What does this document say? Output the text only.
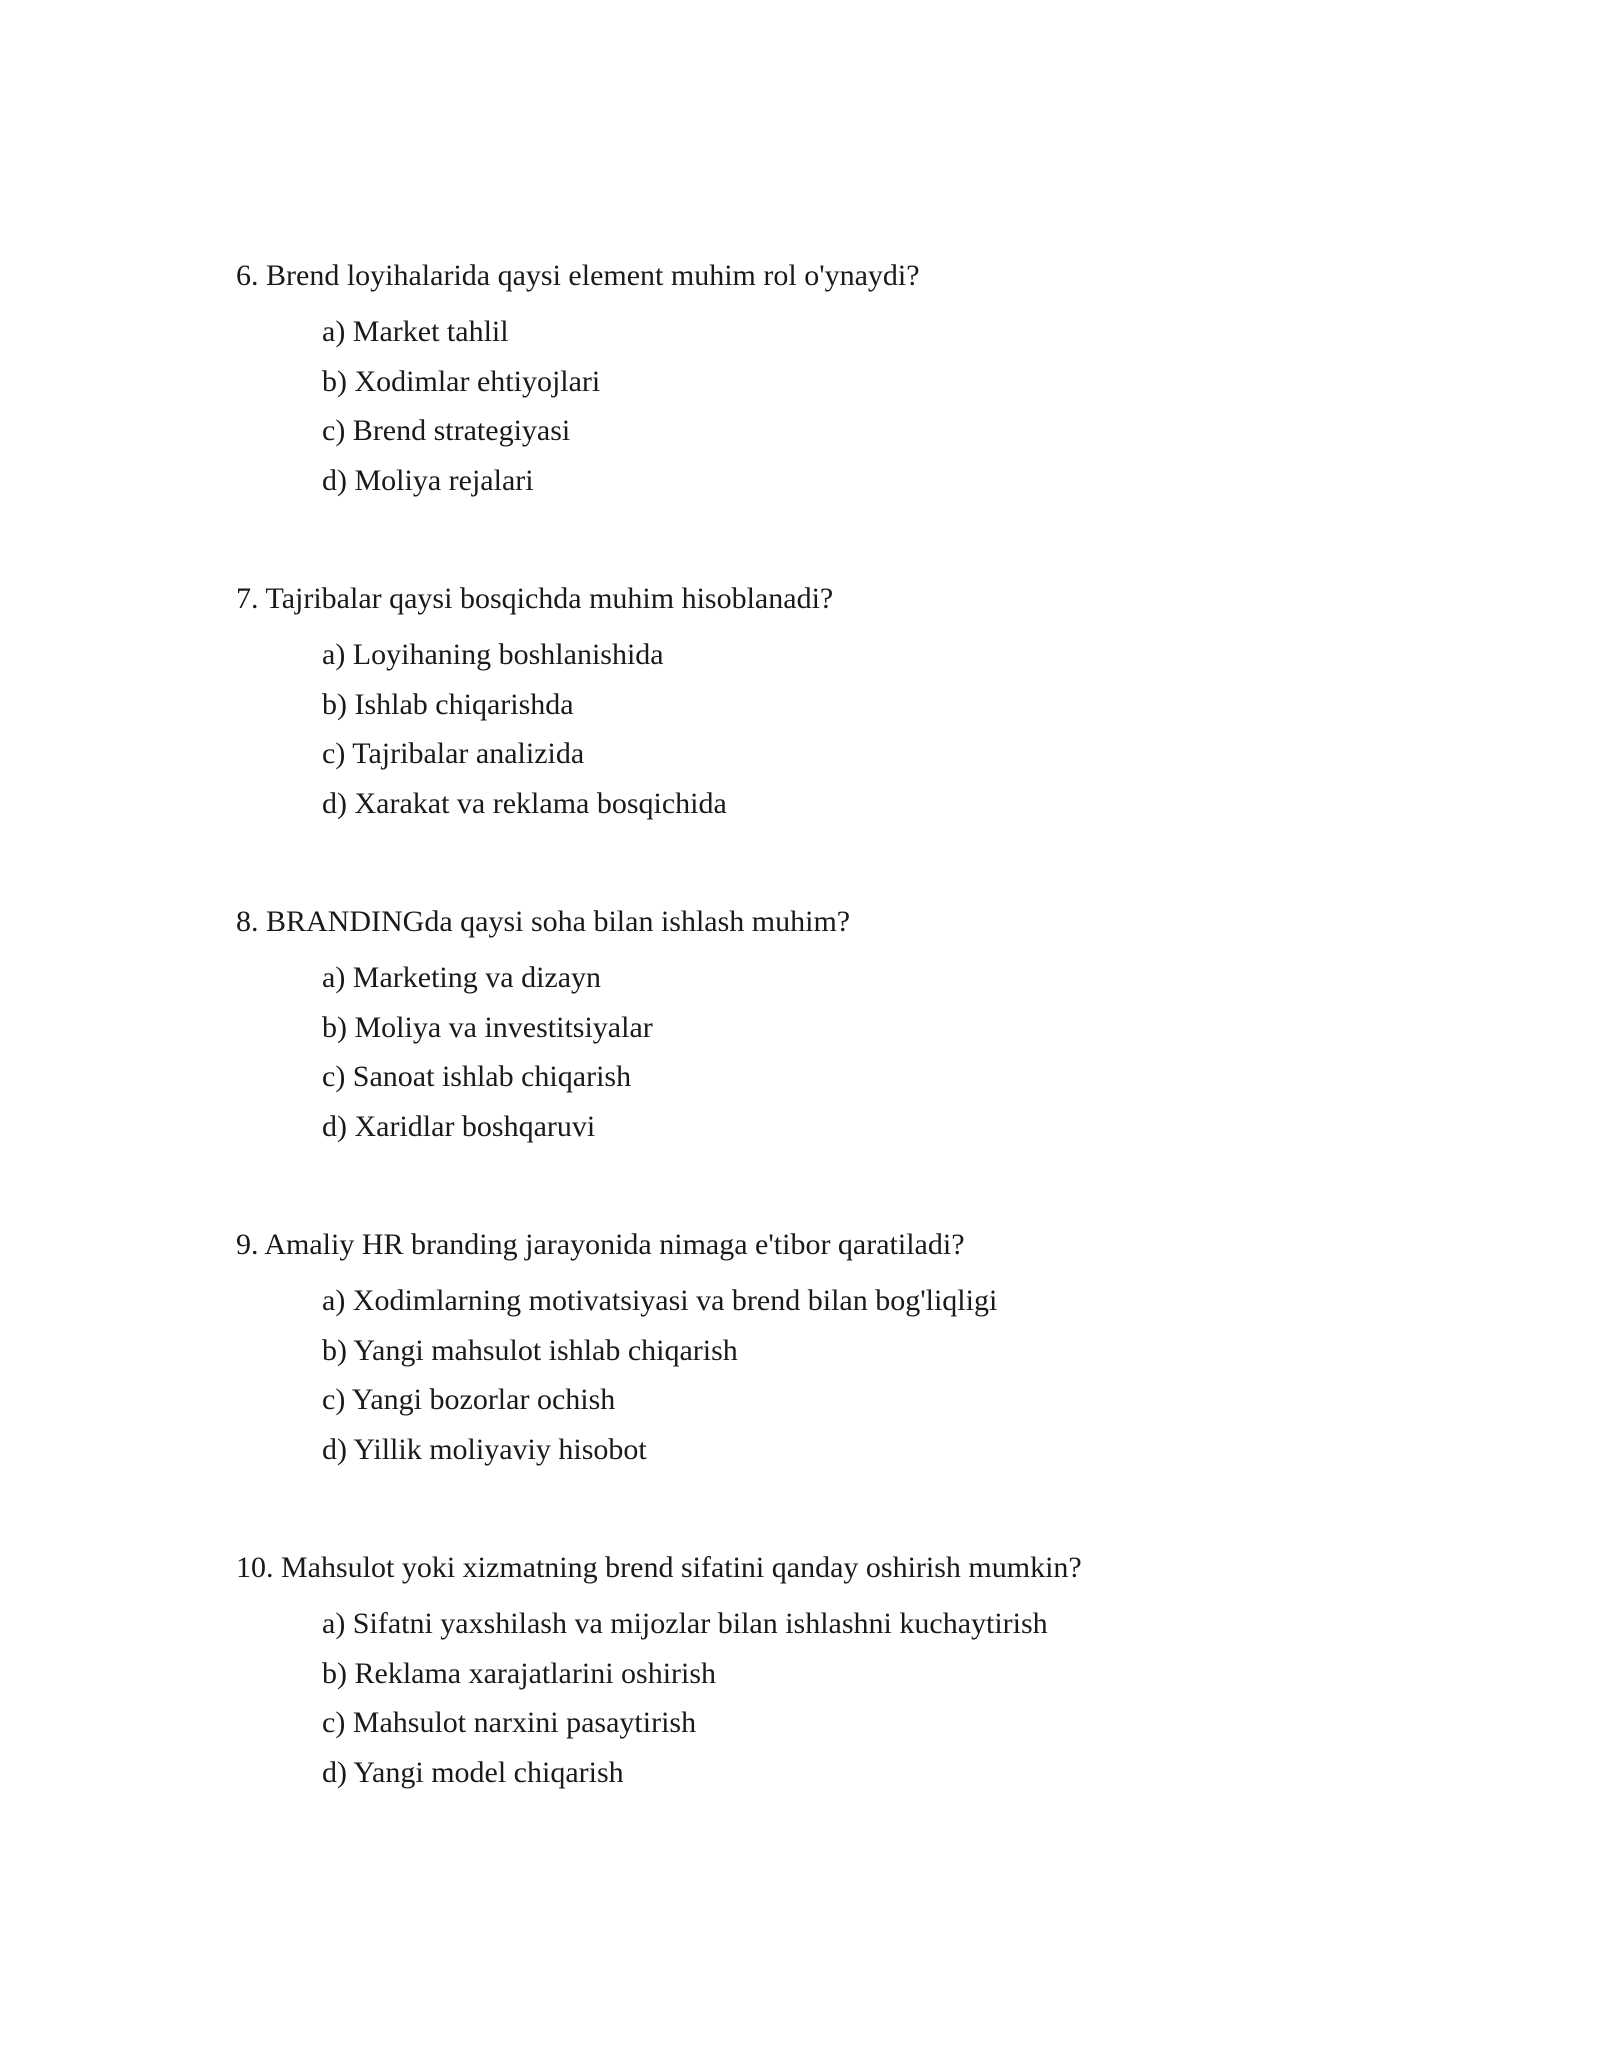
6. Brend loyihalarida qaysi element muhim rol o'ynaydi?

a) Market tahlil
b) Xodimlar ehtiyojlari
c) Brend strategiyasi
d) Moliya rejalari

7. Tajribalar qaysi bosqichda muhim hisoblanadi?

a) Loyihaning boshlanishida
b) Ishlab chiqarishda
c) Tajribalar analizida
d) Xarakat va reklama bosqichida

8. BRANDINGda qaysi soha bilan ishlash muhim?

a) Marketing va dizayn
b) Moliya va investitsiyalar
c) Sanoat ishlab chiqarish
d) Xaridlar boshqaruvi

9. Amaliy HR branding jarayonida nimaga e'tibor qaratiladi?

a) Xodimlarning motivatsiyasi va brend bilan bog'liqligi
b) Yangi mahsulot ishlab chiqarish
c) Yangi bozorlar ochish
d) Yillik moliyaviy hisobot

10. Mahsulot yoki xizmatning brend sifatini qanday oshirish mumkin?

a) Sifatni yaxshilash va mijozlar bilan ishlashni kuchaytirish
b) Reklama xarajatlarini oshirish
c) Mahsulot narxini pasaytirish
d) Yangi model chiqarish
